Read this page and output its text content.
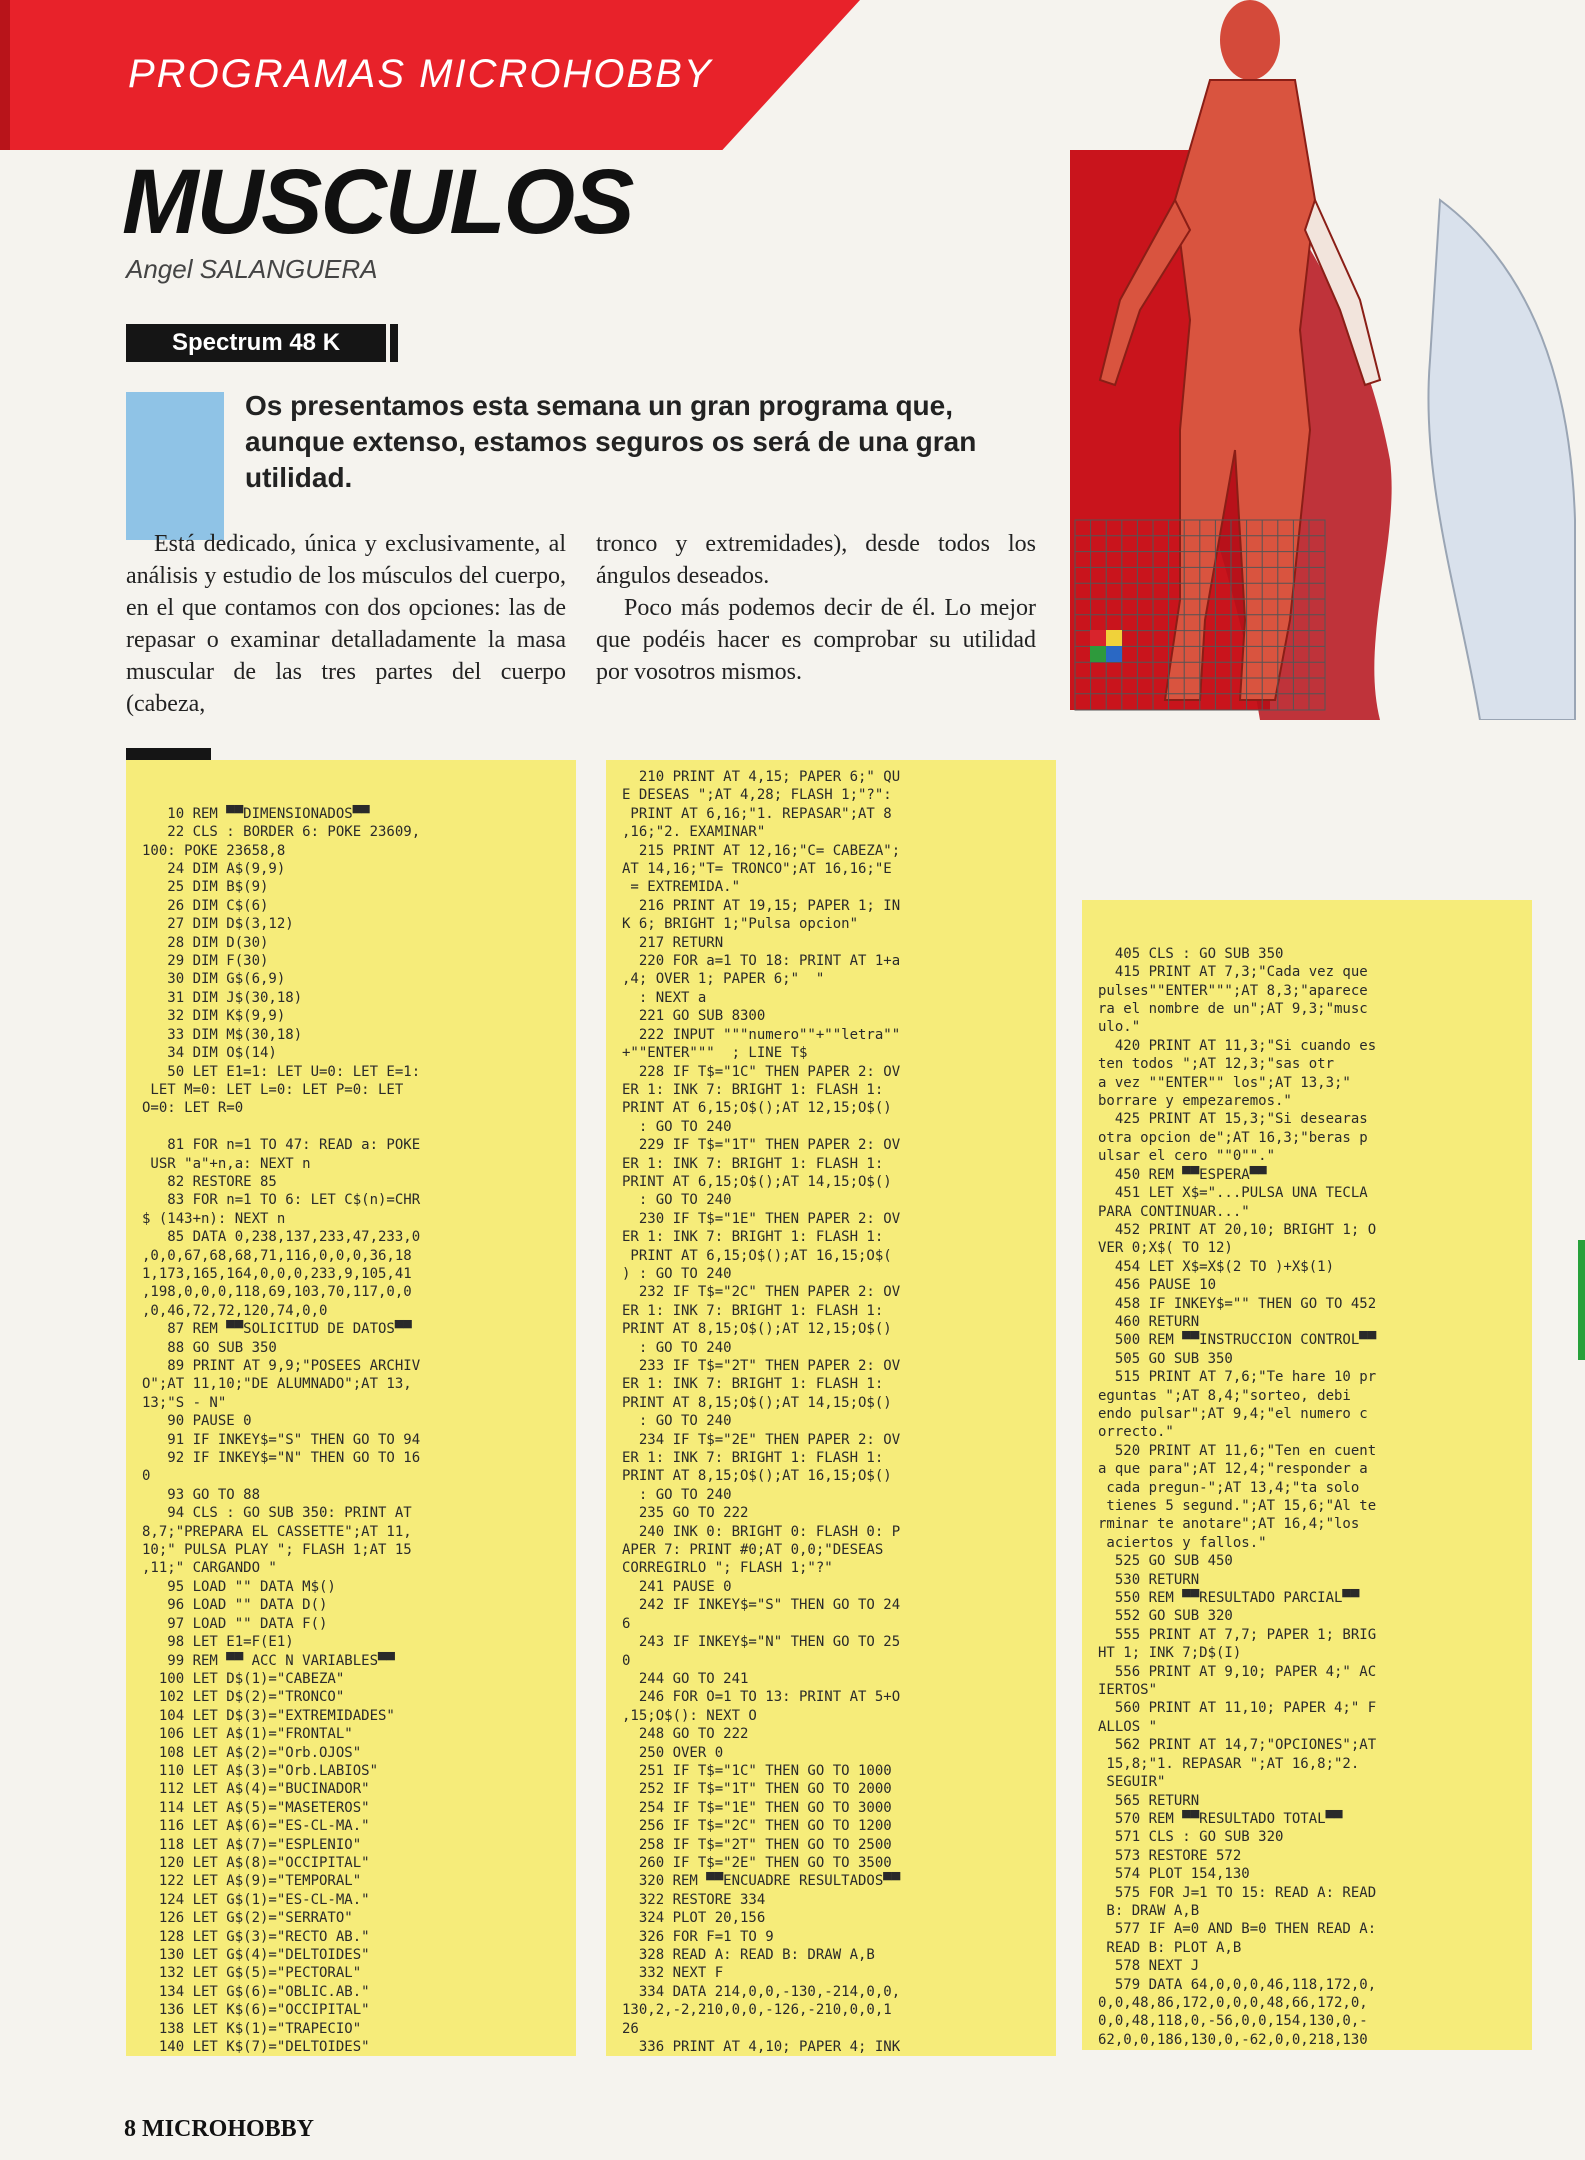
PROGRAMAS MICROHOBBY
MUSCULOS
Angel SALANGUERA
Spectrum 48 K
Os presentamos esta semana un gran programa que, aunque extenso, estamos seguros os será de una gran utilidad.

Está dedicado, única y exclusivamente, al análisis y estudio de los músculos del cuerpo, en el que contamos con dos opciones: las de repasar o examinar detalladamente la masa muscular de las tres partes del cuerpo (cabeza,

tronco y extremidades), desde todos los ángulos deseados.

Poco más podemos decir de él. Lo mejor que podéis hacer es comprobar su utilidad por vosotros mismos.

10 REM ▀▀DIMENSIONADOS▀▀
22 CLS : BORDER 6: POKE 23609,
100: POKE 23658,8
24 DIM A$(9,9)
25 DIM B$(9)
26 DIM C$(6)
27 DIM D$(3,12)
28 DIM D(30)
29 DIM F(30)
30 DIM G$(6,9)
31 DIM J$(30,18)
32 DIM K$(9,9)
33 DIM M$(30,18)
34 DIM O$(14)
50 LET E1=1: LET U=0: LET E=1:
LET M=0: LET L=0: LET P=0: LET
O=0: LET R=0

81 FOR n=1 TO 47: READ a: POKE
USR "a"+n,a: NEXT n
82 RESTORE 85
83 FOR n=1 TO 6: LET C$(n)=CHR
$ (143+n): NEXT n
85 DATA 0,238,137,233,47,233,0
,0,0,67,68,68,71,116,0,0,0,36,18
1,173,165,164,0,0,0,233,9,105,41
,198,0,0,0,118,69,103,70,117,0,0
,0,46,72,72,120,74,0,0
87 REM ▀▀SOLICITUD DE DATOS▀▀
88 GO SUB 350
89 PRINT AT 9,9;"POSEES ARCHIV
O";AT 11,10;"DE ALUMNADO";AT 13,
13;"S - N"
90 PAUSE 0
91 IF INKEY$="S" THEN GO TO 94
92 IF INKEY$="N" THEN GO TO 16
0
93 GO TO 88
94 CLS : GO SUB 350: PRINT AT
8,7;"PREPARA EL CASSETTE";AT 11,
10;" PULSA PLAY "; FLASH 1;AT 15
,11;" CARGANDO "
95 LOAD "" DATA M$()
96 LOAD "" DATA D()
97 LOAD "" DATA F()
98 LET E1=F(E1)
99 REM ▀▀ ACC N VARIABLES▀▀
100 LET D$(1)="CABEZA"
102 LET D$(2)="TRONCO"
104 LET D$(3)="EXTREMIDADES"
106 LET A$(1)="FRONTAL"
108 LET A$(2)="Orb.OJOS"
110 LET A$(3)="Orb.LABIOS"
112 LET A$(4)="BUCINADOR"
114 LET A$(5)="MASETEROS"
116 LET A$(6)="ES-CL-MA."
118 LET A$(7)="ESPLENIO"
120 LET A$(8)="OCCIPITAL"
122 LET A$(9)="TEMPORAL"
124 LET G$(1)="ES-CL-MA."
126 LET G$(2)="SERRATO"
128 LET G$(3)="RECTO AB."
130 LET G$(4)="DELTOIDES"
132 LET G$(5)="PECTORAL"
134 LET G$(6)="OBLIC.AB."
136 LET K$(6)="OCCIPITAL"
138 LET K$(1)="TRAPECIO"
140 LET K$(7)="DELTOIDES"
210 PRINT AT 4,15; PAPER 6;" QU
E DESEAS ";AT 4,28; FLASH 1;"?":
PRINT AT 6,16;"1. REPASAR";AT 8
,16;"2. EXAMINAR"
215 PRINT AT 12,16;"C= CABEZA";
AT 14,16;"T= TRONCO";AT 16,16;"E
= EXTREMIDA."
216 PRINT AT 19,15; PAPER 1; IN
K 6; BRIGHT 1;"Pulsa opcion"
217 RETURN
220 FOR a=1 TO 18: PRINT AT 1+a
,4; OVER 1; PAPER 6;"  "
: NEXT a
221 GO SUB 8300
222 INPUT """numero""+""letra""
+""ENTER"""  ; LINE T$
228 IF T$="1C" THEN PAPER 2: OV
ER 1: INK 7: BRIGHT 1: FLASH 1:
PRINT AT 6,15;O$();AT 12,15;O$()
: GO TO 240
229 IF T$="1T" THEN PAPER 2: OV
ER 1: INK 7: BRIGHT 1: FLASH 1:
PRINT AT 6,15;O$();AT 14,15;O$()
: GO TO 240
230 IF T$="1E" THEN PAPER 2: OV
ER 1: INK 7: BRIGHT 1: FLASH 1:
PRINT AT 6,15;O$();AT 16,15;O$(
) : GO TO 240
232 IF T$="2C" THEN PAPER 2: OV
ER 1: INK 7: BRIGHT 1: FLASH 1:
PRINT AT 8,15;O$();AT 12,15;O$()
: GO TO 240
233 IF T$="2T" THEN PAPER 2: OV
ER 1: INK 7: BRIGHT 1: FLASH 1:
PRINT AT 8,15;O$();AT 14,15;O$()
: GO TO 240
234 IF T$="2E" THEN PAPER 2: OV
ER 1: INK 7: BRIGHT 1: FLASH 1:
PRINT AT 8,15;O$();AT 16,15;O$()
: GO TO 240
235 GO TO 222
240 INK 0: BRIGHT 0: FLASH 0: P
APER 7: PRINT #0;AT 0,0;"DESEAS
CORREGIRLO "; FLASH 1;"?"
241 PAUSE 0
242 IF INKEY$="S" THEN GO TO 24
6
243 IF INKEY$="N" THEN GO TO 25
0
244 GO TO 241
246 FOR O=1 TO 13: PRINT AT 5+O
,15;O$(): NEXT O
248 GO TO 222
250 OVER 0
251 IF T$="1C" THEN GO TO 1000
252 IF T$="1T" THEN GO TO 2000
254 IF T$="1E" THEN GO TO 3000
256 IF T$="2C" THEN GO TO 1200
258 IF T$="2T" THEN GO TO 2500
260 IF T$="2E" THEN GO TO 3500
320 REM ▀▀ENCUADRE RESULTADOS▀▀
322 RESTORE 334
324 PLOT 20,156
326 FOR F=1 TO 9
328 READ A: READ B: DRAW A,B
332 NEXT F
334 DATA 214,0,0,-130,-214,0,0,
130,2,-2,210,0,0,-126,-210,0,0,1
26
336 PRINT AT 4,10; PAPER 4; INK

405 CLS : GO SUB 350
415 PRINT AT 7,3;"Cada vez que
pulses""ENTER""";AT 8,3;"aparece
ra el nombre de un";AT 9,3;"musc
ulo."
420 PRINT AT 11,3;"Si cuando es
ten todos ";AT 12,3;"sas otr
a vez ""ENTER"" los";AT 13,3;"
borrare y empezaremos."
425 PRINT AT 15,3;"Si desearas
otra opcion de";AT 16,3;"beras p
ulsar el cero ""0""."
450 REM ▀▀ESPERA▀▀
451 LET X$="...PULSA UNA TECLA
PARA CONTINUAR..."
452 PRINT AT 20,10; BRIGHT 1; O
VER 0;X$( TO 12)
454 LET X$=X$(2 TO )+X$(1)
456 PAUSE 10
458 IF INKEY$="" THEN GO TO 452
460 RETURN
500 REM ▀▀INSTRUCCION CONTROL▀▀
505 GO SUB 350
515 PRINT AT 7,6;"Te hare 10 pr
eguntas ";AT 8,4;"sorteo, debi
endo pulsar";AT 9,4;"el numero c
orrecto."
520 PRINT AT 11,6;"Ten en cuent
a que para";AT 12,4;"responder a
cada pregun-";AT 13,4;"ta solo
tienes 5 segund.";AT 15,6;"Al te
rminar te anotare";AT 16,4;"los
aciertos y fallos."
525 GO SUB 450
530 RETURN
550 REM ▀▀RESULTADO PARCIAL▀▀
552 GO SUB 320
555 PRINT AT 7,7; PAPER 1; BRIG
HT 1; INK 7;D$(I)
556 PRINT AT 9,10; PAPER 4;" AC
IERTOS"
560 PRINT AT 11,10; PAPER 4;" F
ALLOS "
562 PRINT AT 14,7;"OPCIONES";AT
15,8;"1. REPASAR ";AT 16,8;"2.
SEGUIR"
565 RETURN
570 REM ▀▀RESULTADO TOTAL▀▀
571 CLS : GO SUB 320
573 RESTORE 572
574 PLOT 154,130
575 FOR J=1 TO 15: READ A: READ
B: DRAW A,B
577 IF A=0 AND B=0 THEN READ A:
READ B: PLOT A,B
578 NEXT J
579 DATA 64,0,0,0,46,118,172,0,
0,0,48,86,172,0,0,0,48,66,172,0,
0,0,48,118,0,-56,0,0,154,130,0,-
62,0,0,186,130,0,-62,0,0,218,130
8 MICROHOBBY
